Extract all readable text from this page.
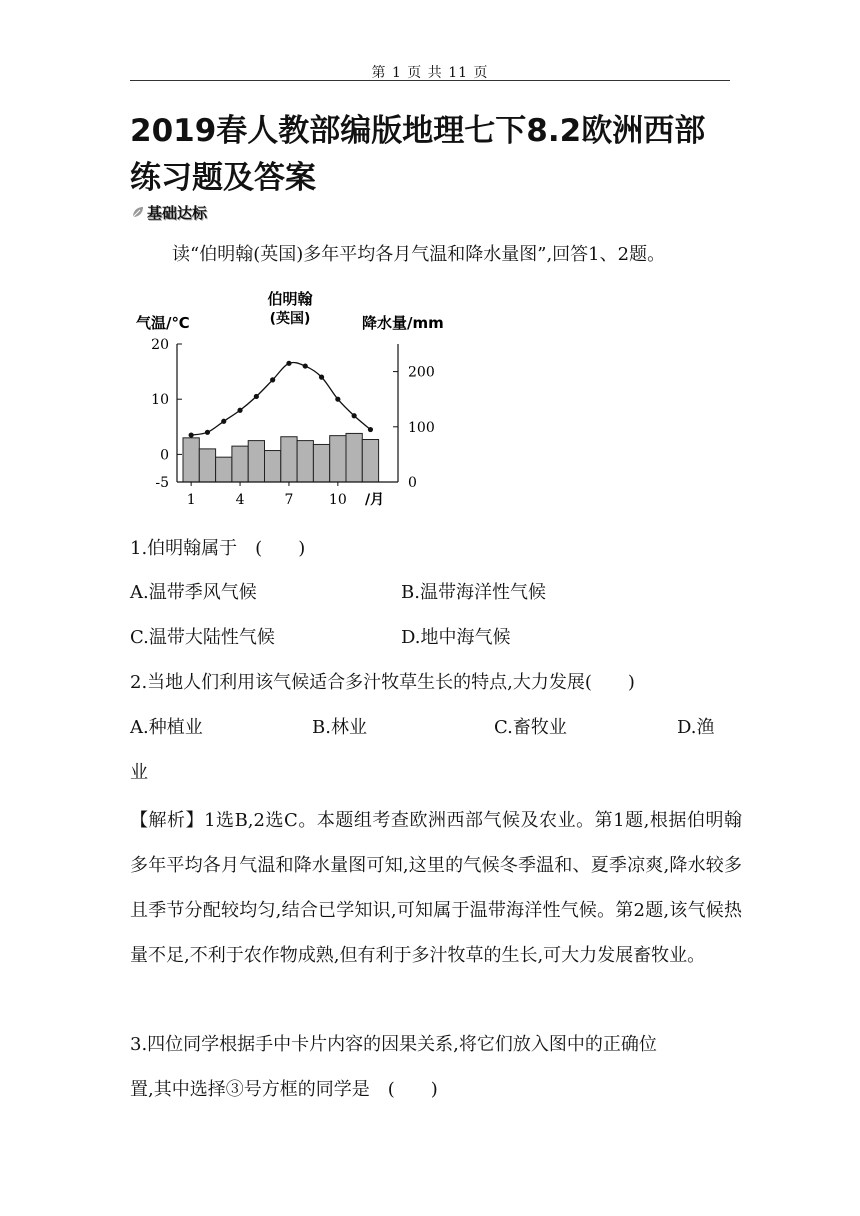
第 1 页 共 11 页
2019春人教部编版地理七下8.2欧洲西部
练习题及答案
基础达标

读“伯明翰(英国)多年平均各月气温和降水量图”,回答1、2题。

20
10
0
-5
200
100
0
1	4	7	10 /月
伯明翰
(英国)
气温/℃	降水量/mm

1.伯明翰属于　(　　)

A.温带季风气候	B.温带海洋性气候
C.温带大陆性气候	D.地中海气候

2.当地人们利用该气候适合多汁牧草生长的特点,大力发展(　　)

A.种植业	B.林业	C.畜牧业	D.渔
业

【解析】1选B,2选C。本题组考查欧洲西部气候及农业。第1题,根据伯明翰多年平均各月气温和降水量图可知,这里的气候冬季温和、夏季凉爽,降水较多且季节分配较均匀,结合已学知识,可知属于温带海洋性气候。第2题,该气候热量不足,不利于农作物成熟,但有利于多汁牧草的生长,可大力发展畜牧业。

3.四位同学根据手中卡片内容的因果关系,将它们放入图中的正确位

置,其中选择③号方框的同学是　(　　)
